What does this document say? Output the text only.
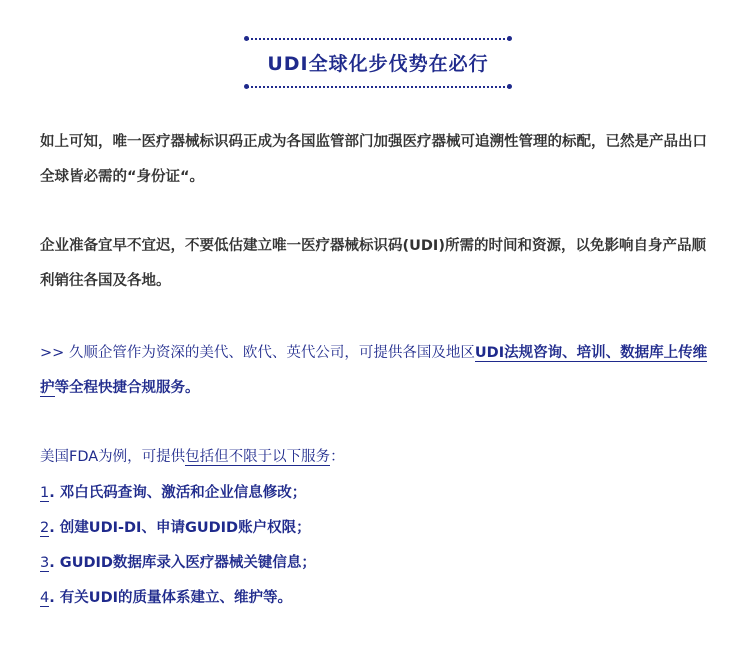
UDI全球化步伐势在必行

如上可知，唯一医疗器械标识码正成为各国监管部门加强医疗器械可追溯性管理的标配，已然是产品出口全球皆必需的“身份证“。

企业准备宜早不宜迟，不要低估建立唯一医疗器械标识码(UDI)所需的时间和资源，以免影响自身产品顺利销往各国及各地。

>> 久顺企管作为资深的美代、欧代、英代公司，可提供各国及地区UDI法规咨询、培训、数据库上传维护等全程快捷合规服务。

美国FDA为例，可提供包括但不限于以下服务：

1. 邓白氏码查询、激活和企业信息修改；
2. 创建UDI-DI、申请GUDID账户权限；
3. GUDID数据库录入医疗器械关键信息；
4. 有关UDI的质量体系建立、维护等。
